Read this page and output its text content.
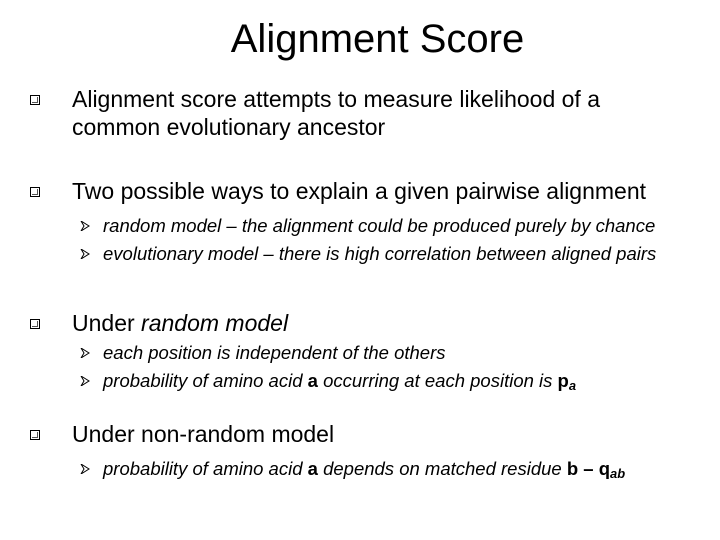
Alignment Score
Alignment score attempts to measure likelihood of a
common evolutionary ancestor
Two possible ways to explain a given pairwise alignment
random model – the alignment could be produced purely by chance
evolutionary model – there is high correlation between aligned pairs
Under random model
each position is independent of the others
probability of amino acid a occurring at each position is $p_a$
Under non-random model
probability of amino acid a depends on matched residue b – $q_{ab}$
